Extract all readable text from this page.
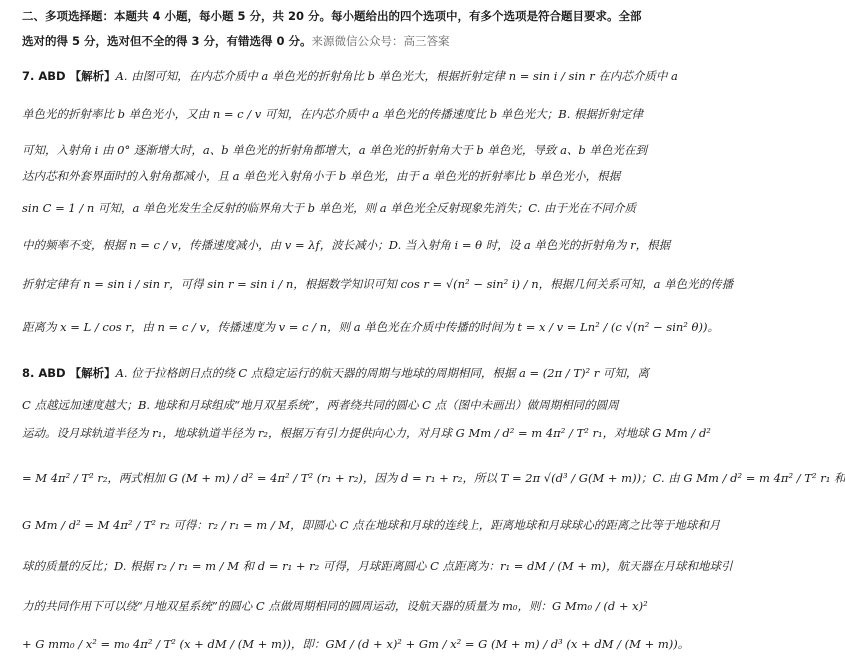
二、多项选择题：本题共 4 小题，每小题 5 分，共 20 分。每小题给出的四个选项中，有多个选项是符合题目要求。全部
选对的得 5 分，选对但不全的得 3 分，有错选得 0 分。来源微信公众号：高三答案
7. ABD 【解析】A. 由图可知，在内芯介质中 a 单色光的折射角比 b 单色光大，根据折射定律 n = sin i / sin r 在内芯介质中 a
单色光的折射率比 b 单色光小，又由 n = c / v 可知，在内芯介质中 a 单色光的传播速度比 b 单色光大；B. 根据折射定律
可知，入射角 i 由 0° 逐渐增大时，a、b 单色光的折射角都增大，a 单色光的折射角大于 b 单色光，导致 a、b 单色光在到
达内芯和外套界面时的入射角都减小，且 a 单色光入射角小于 b 单色光，由于 a 单色光的折射率比 b 单色光小，根据
sin C = 1 / n 可知，a 单色光发生全反射的临界角大于 b 单色光，则 a 单色光全反射现象先消失；C. 由于光在不同介质
中的频率不变，根据 n = c / v，传播速度减小，由 v = λf，波长减小；D. 当入射角 i = θ 时，设 a 单色光的折射角为 r，根据
折射定律有 n = sin i / sin r，可得 sin r = sin i / n，根据数学知识可知 cos r = √(n² − sin² i) / n，根据几何关系可知，a 单色光的传播
距离为 x = L / cos r，由 n = c / v，传播速度为 v = c / n，则 a 单色光在介质中传播的时间为 t = x / v = Ln² / (c √(n² − sin² θ))。
8. ABD 【解析】A. 位于拉格朗日点的绕 C 点稳定运行的航天器的周期与地球的周期相同，根据 a = (2π / T)² r 可知，离
C 点越远加速度越大；B. 地球和月球组成“地月双星系统”，两者绕共同的圆心 C 点（图中未画出）做周期相同的圆周
运动。设月球轨道半径为 r₁，地球轨道半径为 r₂，根据万有引力提供向心力，对月球 G Mm / d² = m 4π² / T² r₁，对地球 G Mm / d²
= M 4π² / T² r₂，两式相加 G (M + m) / d² = 4π² / T² (r₁ + r₂)，因为 d = r₁ + r₂，所以 T = 2π √(d³ / G(M + m))；C. 由 G Mm / d² = m 4π² / T² r₁ 和
G Mm / d² = M 4π² / T² r₂ 可得：r₂ / r₁ = m / M，即圆心 C 点在地球和月球的连线上，距离地球和月球球心的距离之比等于地球和月
球的质量的反比；D. 根据 r₂ / r₁ = m / M 和 d = r₁ + r₂ 可得，月球距离圆心 C 点距离为：r₁ = dM / (M + m)，航天器在月球和地球引
力的共同作用下可以绕“月地双星系统”的圆心 C 点做周期相同的圆周运动，设航天器的质量为 m₀，则：G Mm₀ / (d + x)²
+ G mm₀ / x² = m₀ 4π² / T² (x + dM / (M + m))，即：GM / (d + x)² + Gm / x² = G (M + m) / d³ (x + dM / (M + m))。
